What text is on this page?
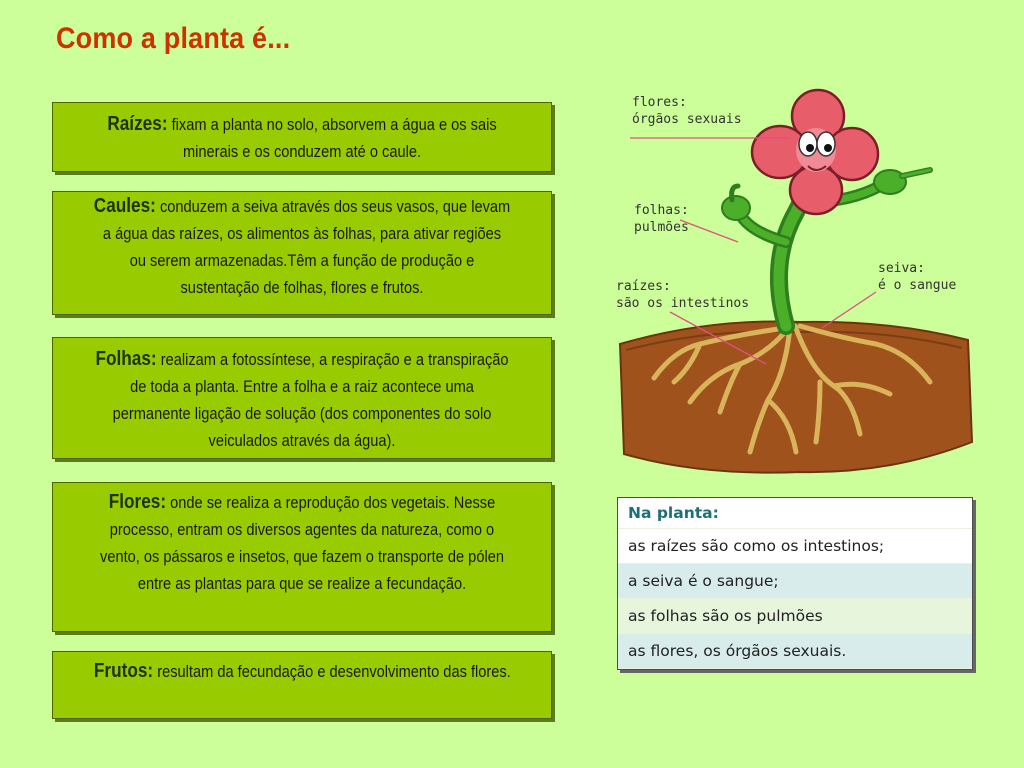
Como a planta é...
Raízes: fixam a planta no solo, absorvem a água e os sais minerais e os conduzem até o caule.
Caules: conduzem a seiva através dos seus vasos, que levam a água das raízes, os alimentos às folhas, para ativar regiões ou serem armazenadas.Têm a função de produção e sustentação de folhas, flores e frutos.
Folhas: realizam a fotossíntese, a respiração e a transpiração de toda a planta. Entre a folha e a raiz acontece uma permanente ligação de solução (dos componentes do solo veiculados através da água).
Flores: onde se realiza a reprodução dos vegetais. Nesse processo, entram os diversos agentes da natureza, como o vento, os pássaros e insetos, que fazem o transporte de pólen entre as plantas para que se realize a fecundação.
Frutos: resultam da fecundação e desenvolvimento das flores.
flores:
órgãos sexuais
folhas:
pulmões
raízes:
são os intestinos
seiva:
é o sangue
Na planta:
as raízes são como os intestinos;
a seiva é o sangue;
as folhas são os pulmões
as flores, os órgãos sexuais.
